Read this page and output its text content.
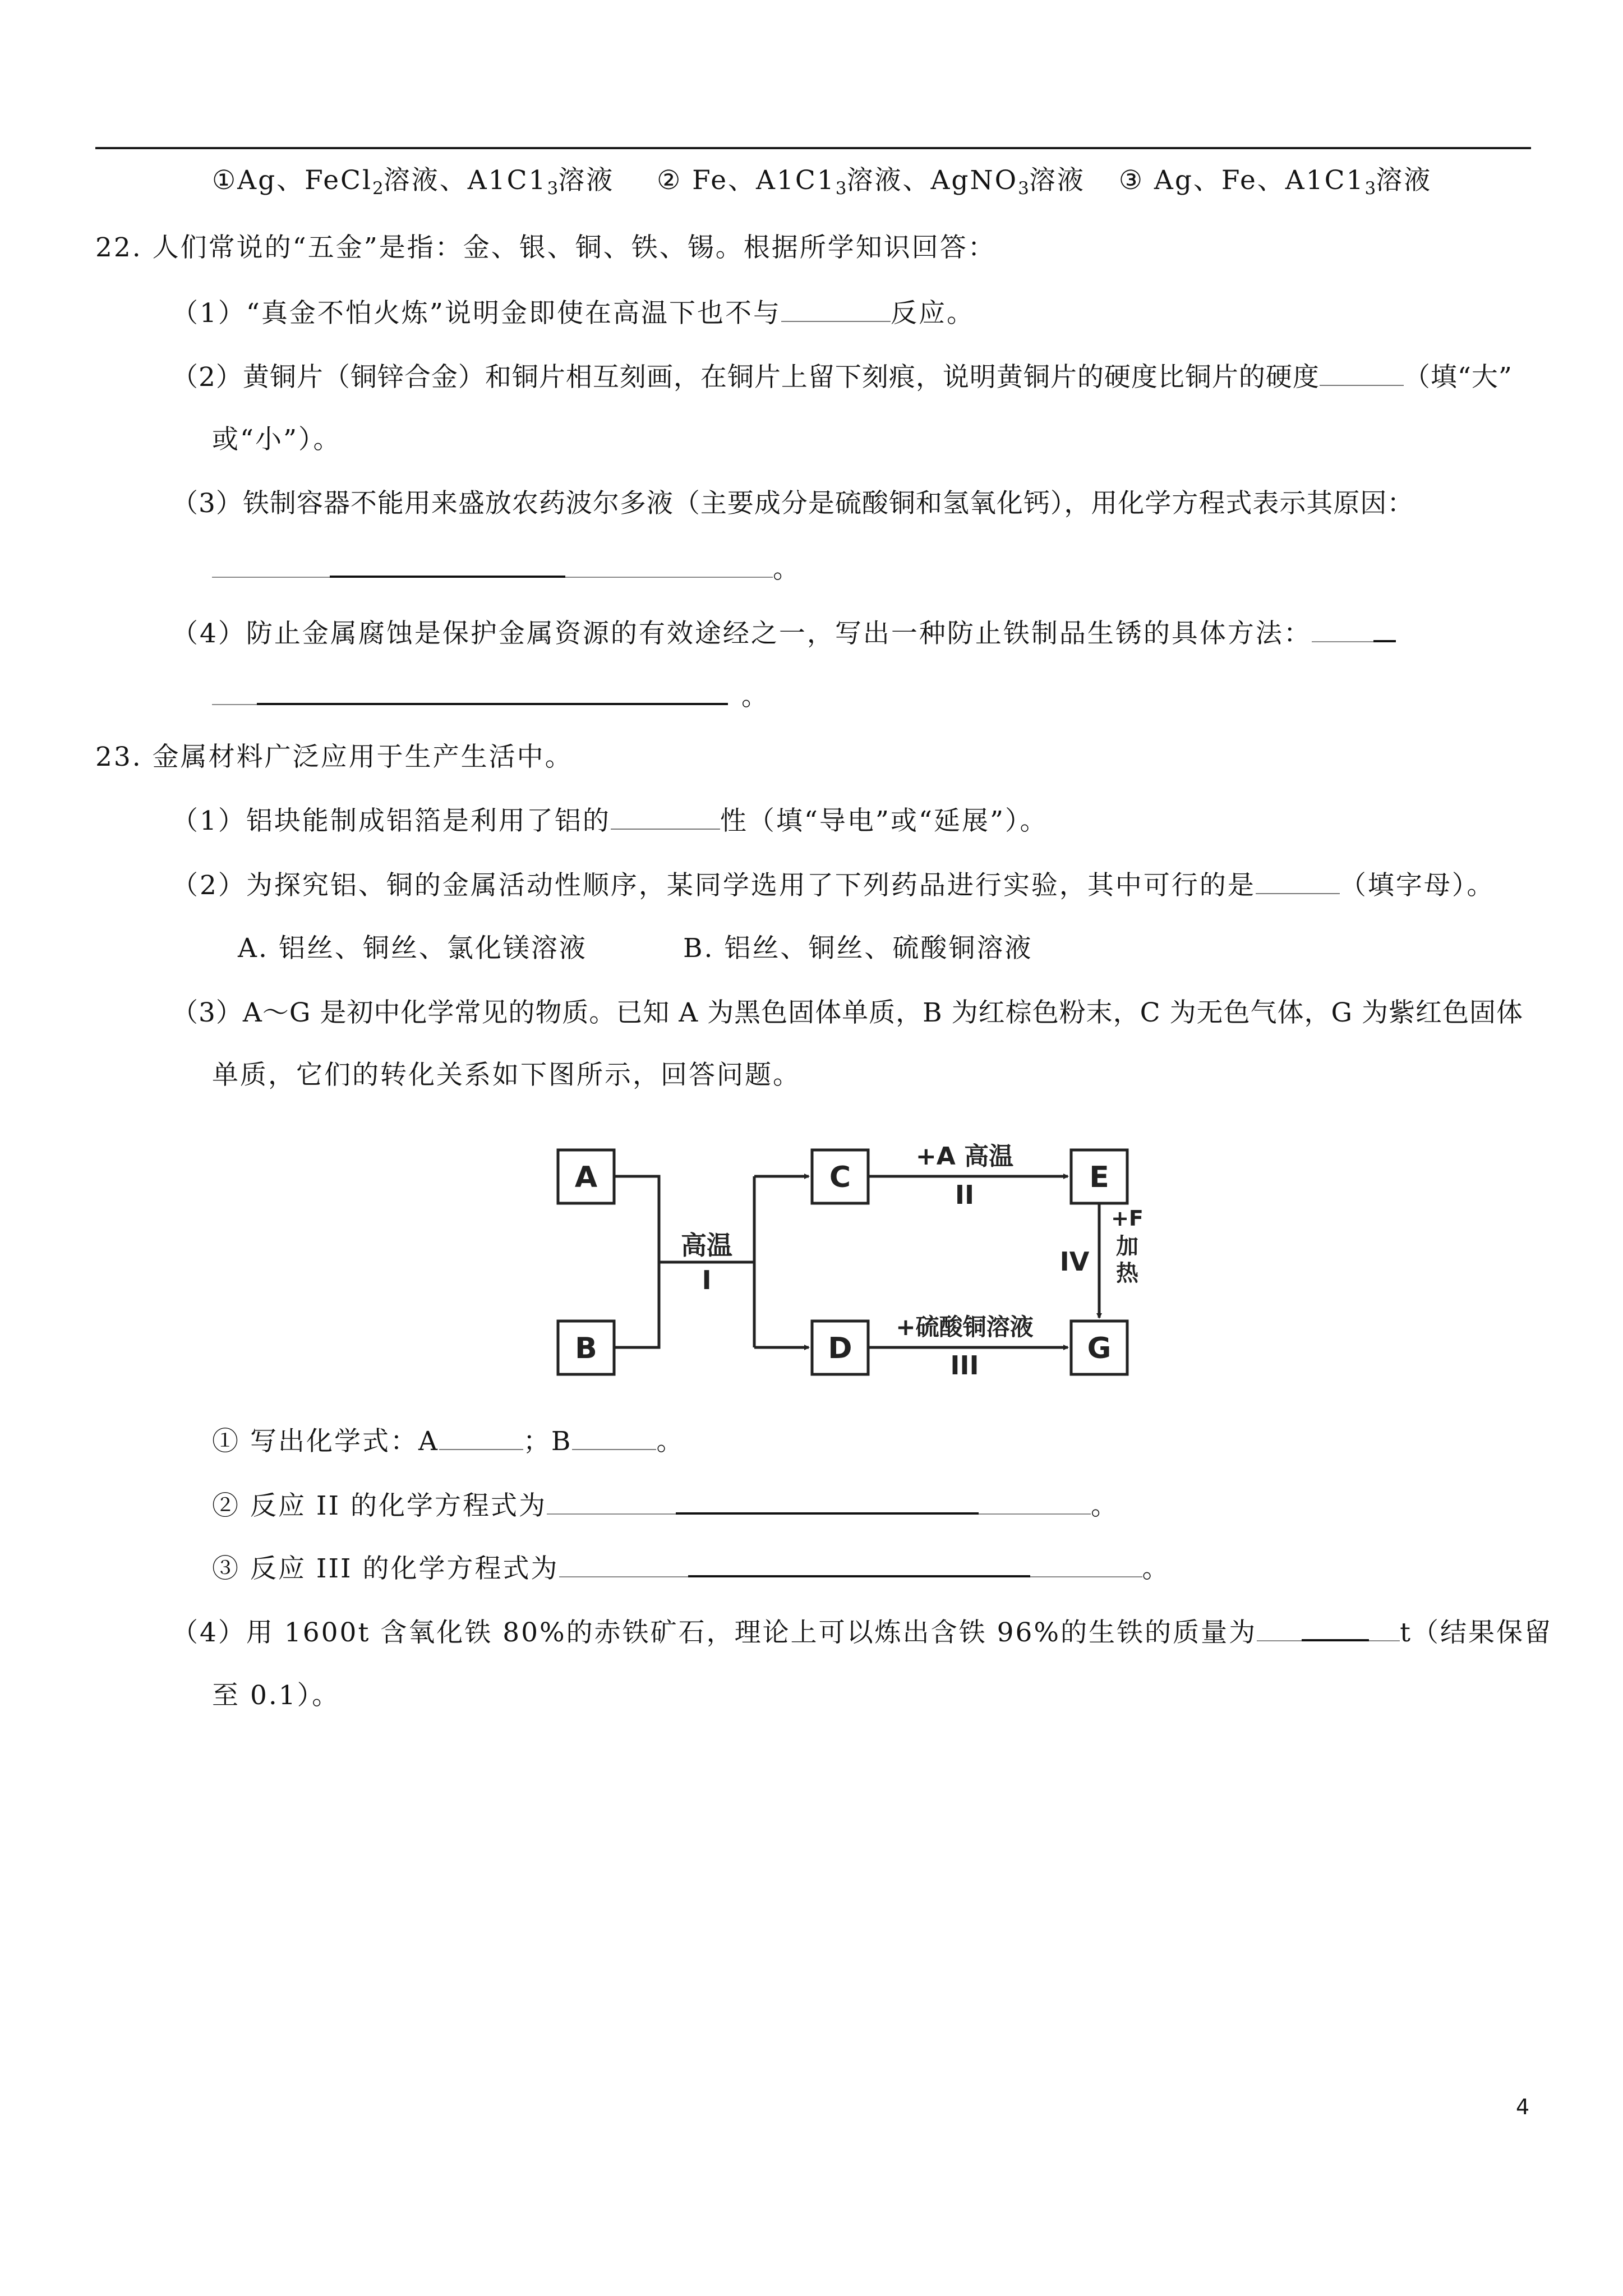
①Ag、FeCl$_2$溶液、$A1C1_3$溶液 ② Fe、$A1C1_3$溶液、AgNO$_3$溶液 ③ Ag、Fe、$A1C1_3$溶液
22. 人们常说的“五金”是指：金、银、铜、铁、锡。根据所学知识回答：
（1）“真金不怕火炼”说明金即使在高温下也不与	反应。
（2）黄铜片（铜锌合金）和铜片相互刻画，在铜片上留下刻痕，说明黄铜片的硬度比铜片的硬度	（填“大”
或“小”）。
（3）铁制容器不能用来盛放农药波尔多液（主要成分是硫酸铜和氢氧化钙），用化学方程式表示其原因：
。
（4）防止金属腐蚀是保护金属资源的有效途经之一，写出一种防止铁制品生锈的具体方法：
。
23. 金属材料广泛应用于生产生活中。
（1）铝块能制成铝箔是利用了铝的	性（填“导电”或“延展”）。
（2）为探究铝、铜的金属活动性顺序，某同学选用了下列药品进行实验，其中可行的是	（填字母）。
A. 铝丝、铜丝、氯化镁溶液	B. 铝丝、铜丝、硫酸铜溶液
（3）A～G 是初中化学常见的物质。已知 A 为黑色固体单质，B 为红棕色粉末，C 为无色气体，G 为紫红色固体
单质，它们的转化关系如下图所示，回答问题。
A
B
C
D
E
G
高温
I
+A 高温
II
+硫酸铜溶液
III
IV
+F
加
热
① 写出化学式：A	；B	。
② 反应 II 的化学方程式为	。
③ 反应 III 的化学方程式为	。
（4）用 1600t 含氧化铁 80%的赤铁矿石，理论上可以炼出含铁 96%的生铁的质量为	t（结果保留
至 0.1）。
4
